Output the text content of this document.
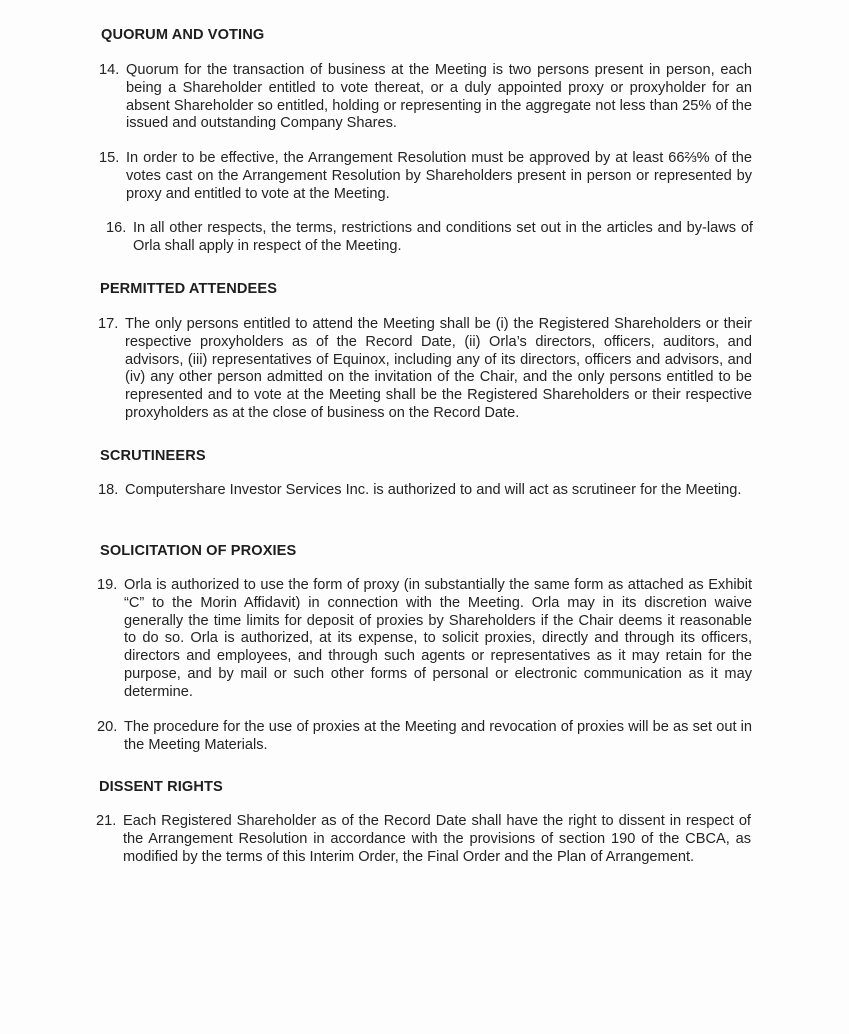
QUORUM AND VOTING
14. Quorum for the transaction of business at the Meeting is two persons present in person, each being a Shareholder entitled to vote thereat, or a duly appointed proxy or proxyholder for an absent Shareholder so entitled, holding or representing in the aggregate not less than 25% of the issued and outstanding Company Shares.
15. In order to be effective, the Arrangement Resolution must be approved by at least 66⅔% of the votes cast on the Arrangement Resolution by Shareholders present in person or represented by proxy and entitled to vote at the Meeting.
16. In all other respects, the terms, restrictions and conditions set out in the articles and by-laws of Orla shall apply in respect of the Meeting.
PERMITTED ATTENDEES
17. The only persons entitled to attend the Meeting shall be (i) the Registered Shareholders or their respective proxyholders as of the Record Date, (ii) Orla’s directors, officers, auditors, and advisors, (iii) representatives of Equinox, including any of its directors, officers and advisors, and (iv) any other person admitted on the invitation of the Chair, and the only persons entitled to be represented and to vote at the Meeting shall be the Registered Shareholders or their respective proxyholders as at the close of business on the Record Date.
SCRUTINEERS
18. Computershare Investor Services Inc. is authorized to and will act as scrutineer for the Meeting.
SOLICITATION OF PROXIES
19. Orla is authorized to use the form of proxy (in substantially the same form as attached as Exhibit “C” to the Morin Affidavit) in connection with the Meeting. Orla may in its discretion waive generally the time limits for deposit of proxies by Shareholders if the Chair deems it reasonable to do so. Orla is authorized, at its expense, to solicit proxies, directly and through its officers, directors and employees, and through such agents or representatives as it may retain for the purpose, and by mail or such other forms of personal or electronic communication as it may determine.
20. The procedure for the use of proxies at the Meeting and revocation of proxies will be as set out in the Meeting Materials.
DISSENT RIGHTS
21. Each Registered Shareholder as of the Record Date shall have the right to dissent in respect of the Arrangement Resolution in accordance with the provisions of section 190 of the CBCA, as modified by the terms of this Interim Order, the Final Order and the Plan of Arrangement.
